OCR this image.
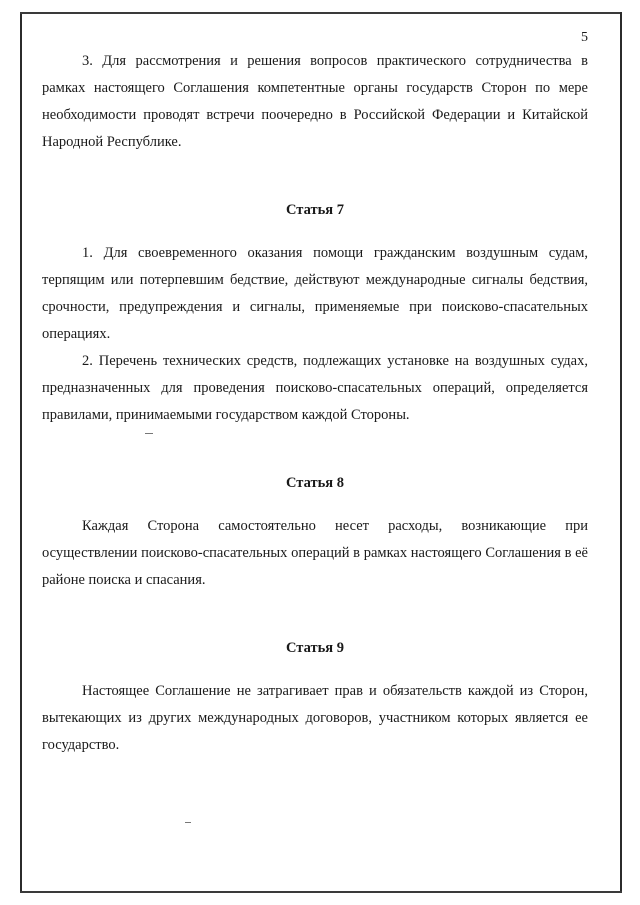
5

3. Для рассмотрения и решения вопросов практического сотрудничества в рамках настоящего Соглашения компетентные органы государств Сторон по мере необходимости проводят встречи поочередно в Российской Федерации и Китайской Народной Республике.

Статья 7

1. Для своевременного оказания помощи гражданским воздушным судам, терпящим или потерпевшим бедствие, действуют международные сигналы бедствия, срочности, предупреждения и сигналы, применяемые при поисково-спасательных операциях.

2. Перечень технических средств, подлежащих установке на воздушных судах, предназначенных для проведения поисково-спасательных операций, определяется правилами, принимаемыми государством каждой Стороны.

Статья 8

Каждая Сторона самостоятельно несет расходы, возникающие при осуществлении поисково-спасательных операций в рамках настоящего Соглашения в её районе поиска и спасания.

Статья 9

Настоящее Соглашение не затрагивает прав и обязательств каждой из Сторон, вытекающих из других международных договоров, участником которых является ее государство.
